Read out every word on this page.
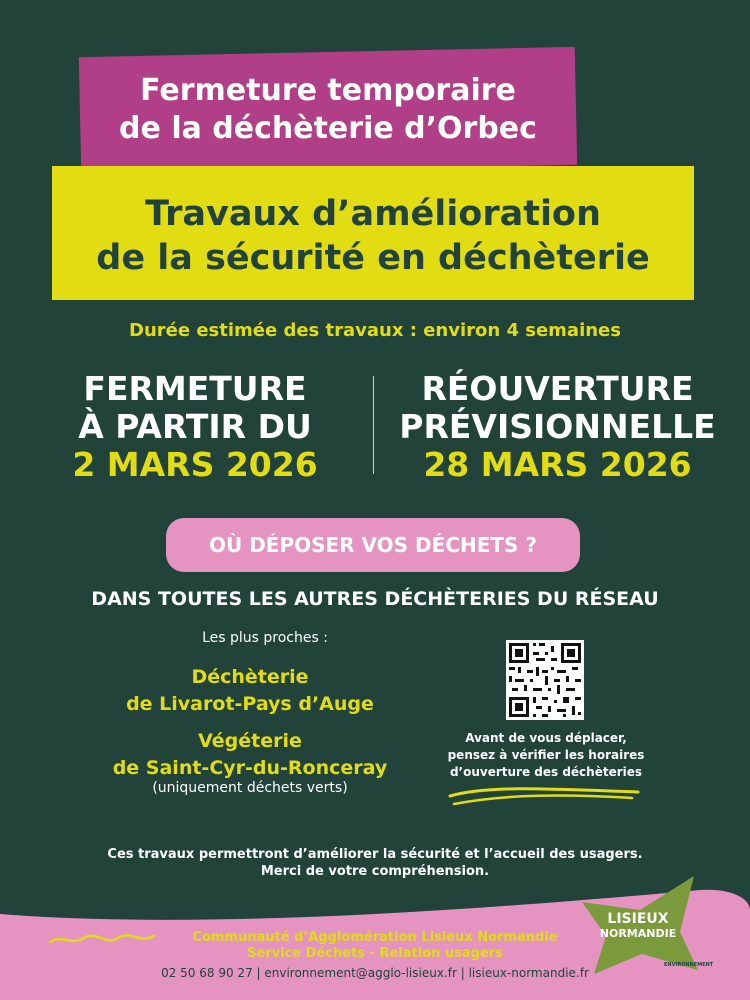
Fermeture temporaire
de la déchèterie d’Orbec
Travaux d’amélioration
de la sécurité en déchèterie
Durée estimée des travaux : environ 4 semaines
FERMETURE
À PARTIR DU
2 MARS 2026
RÉOUVERTURE
PRÉVISIONNELLE
28 MARS 2026
OÙ DÉPOSER VOS DÉCHETS ?
DANS TOUTES LES AUTRES DÉCHÈTERIES DU RÉSEAU
Les plus proches :
Déchèterie
de Livarot-Pays d’Auge
Végéterie
de Saint-Cyr-du-Ronceray
(uniquement déchets verts)
Avant de vous déplacer,
pensez à vérifier les horaires
d’ouverture des déchèteries
Ces travaux permettront d’améliorer la sécurité et l’accueil des usagers.
Merci de votre compréhension.
Communauté d’Agglomération Lisieux Normandie
Service Déchets - Relation usagers
02 50 68 90 27 | environnement@agglo-lisieux.fr | lisieux-normandie.fr
LISIEUX
NORMANDIE
ENVIRONNEMENT
